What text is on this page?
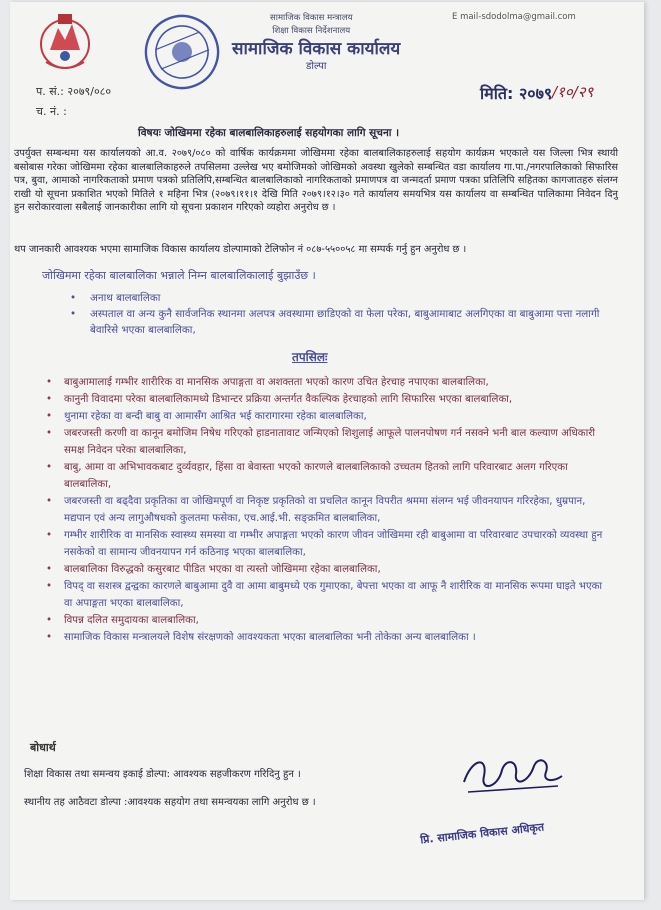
सामाजिक विकास मन्त्रालय
शिक्षा विकास निर्देशनालय
E mail-sdodolma@gmail.com
सामाजिक विकास कार्यालय
डोल्पा
प. सं.: २०७९/०८०
च. नं. :
मिति: २०७९ /१०/२९
विषयः जोखिममा रहेका बालबालिकाहरुलाई सहयोगका लागि सूचना ।
उपर्युक्त सम्बन्धमा यस कार्यालयको आ.व. २०७९/०८० को वार्षिक कार्यक्रममा जोखिममा रहेका बालबालिकाहरुलाई सहयोग कार्यक्रम भएकाले यस जिल्ला भित्र स्थायी बसोबास गरेका जोखिममा रहेका बालबालिकाहरुले तपसिलमा उल्लेख भए बमोजिमको जोखिमको अवस्था खुलेको सम्बन्धित वडा कार्यालय गा.पा./नगरपालिकाको सिफारिस पत्र, बुवा, आमाको नागरिकताको प्रमाण पत्रको प्रतिलिपि,सम्बन्धित बालबालिकाको नागरिकताको प्रमाणपत्र वा जन्मदर्ता प्रमाण पत्रका प्रतिलिपि सहितका कागजातहरु संलग्न राखी यो सूचना प्रकाशित भएको मितिले १ महिना भित्र (२०७९।११।१ देखि मिति २०७९।१२।३० गते कार्यालय समयभित्र यस कार्यालय वा सम्बन्धित पालिकामा निवेदन दिनु हुन सरोकारवाला सबैलाई जानकारीका लागि यो सूचना प्रकाशन गरिएको व्यहोरा अनुरोध छ ।
थप जानकारी आवश्यक भएमा सामाजिक विकास कार्यालय डोल्पामाको टेलिफोन नं ०८७-५५००५८ मा सम्पर्क गर्नु हुन अनुरोध छ ।
जोखिममा रहेका बालबालिका भन्नाले निम्न बालबालिकालाई बुझाउँछ ।
• अनाथ बालबालिका
• अस्पताल वा अन्य कुनै सार्वजनिक स्थानमा अलपत्र अवस्थामा छाडिएको वा फेला परेका, बाबुआमाबाट अलगिएका वा बाबुआमा पत्ता नलागी बेवारिसे भएका बालबालिका,
तपसिलः
• बाबुआमालाई गम्भीर शारीरिक वा मानसिक अपाङ्गता वा अशक्तता भएको कारण उचित हेरचाह नपाएका बालबालिका,
• कानुनी विवादमा परेका बालबालिकामध्ये डिभान्टर प्रक्रिया अन्तर्गत वैकल्पिक हेरचाहको लागि सिफारिस भएका बालबालिका,
• थुनामा रहेका वा बन्दी बाबु वा आमासँग आश्रित भई कारागारमा रहेका बालबालिका,
• जबरजस्ती करणी वा कानून बमोजिम निषेध गरिएको हाडनातावाट जन्मिएको शिशुलाई आफूले पालनपोषण गर्न नसक्ने भनी बाल कल्याण अधिकारी समक्ष निवेदन परेका बालबालिका,
• बाबु, आमा वा अभिभावकबाट दुर्व्यवहार, हिंसा वा बेवास्ता भएको कारणले बालबालिकाको उच्चतम हितको लागि परिवारबाट अलग गरिएका बालबालिका,
• जबरजस्ती वा बढ्दैवा प्रकृतिका वा जोखिमपूर्ण वा निकृष्ट प्रकृतिको वा प्रचलित कानून विपरीत श्रममा संलग्न भई जीवनयापन गरिरहेका, धुम्रपान, मद्यपान एवं अन्य लागुऔषधको कुलतमा फसेका, एच.आई.भी. सङ्क्रमित बालबालिका,
• गम्भीर शारीरिक वा मानसिक स्वास्थ्य समस्या वा गम्भीर अपाङ्गता भएको कारण जीवन जोखिममा रही बाबुआमा वा परिवारबाट उपचारको व्यवस्था हुन नसकेको वा सामान्य जीवनयापन गर्न कठिनाइ भएका बालबालिका,
• बालबालिका विरुद्धको कसुरबाट पीडित भएका वा त्यस्तो जोखिममा रहेका बालबालिका,
• विपद् वा सशस्त्र द्वन्द्वका कारणले बाबुआमा दुवै वा आमा बाबुमध्ये एक गुमाएका, बेपत्ता भएका वा आफू नै शारीरिक वा मानसिक रूपमा घाइते भएका वा अपाङ्गता भएका बालबालिका,
• विपन्न दलित समुदायका बालबालिका,
• सामाजिक विकास मन्त्रालयले विशेष संरक्षणको आवश्यकता भएका बालबालिका भनी तोकेका अन्य बालबालिका ।
बोधार्थ
शिक्षा विकास तथा समन्वय इकाई डोल्पा: आवश्यक सहजीकरण गरिदिनु हुन ।
स्थानीय तह आठैवटा डोल्पा :आवश्यक सहयोग तथा समन्वयका लागि अनुरोध छ ।
प्रि. सामाजिक विकास अधिकृत
